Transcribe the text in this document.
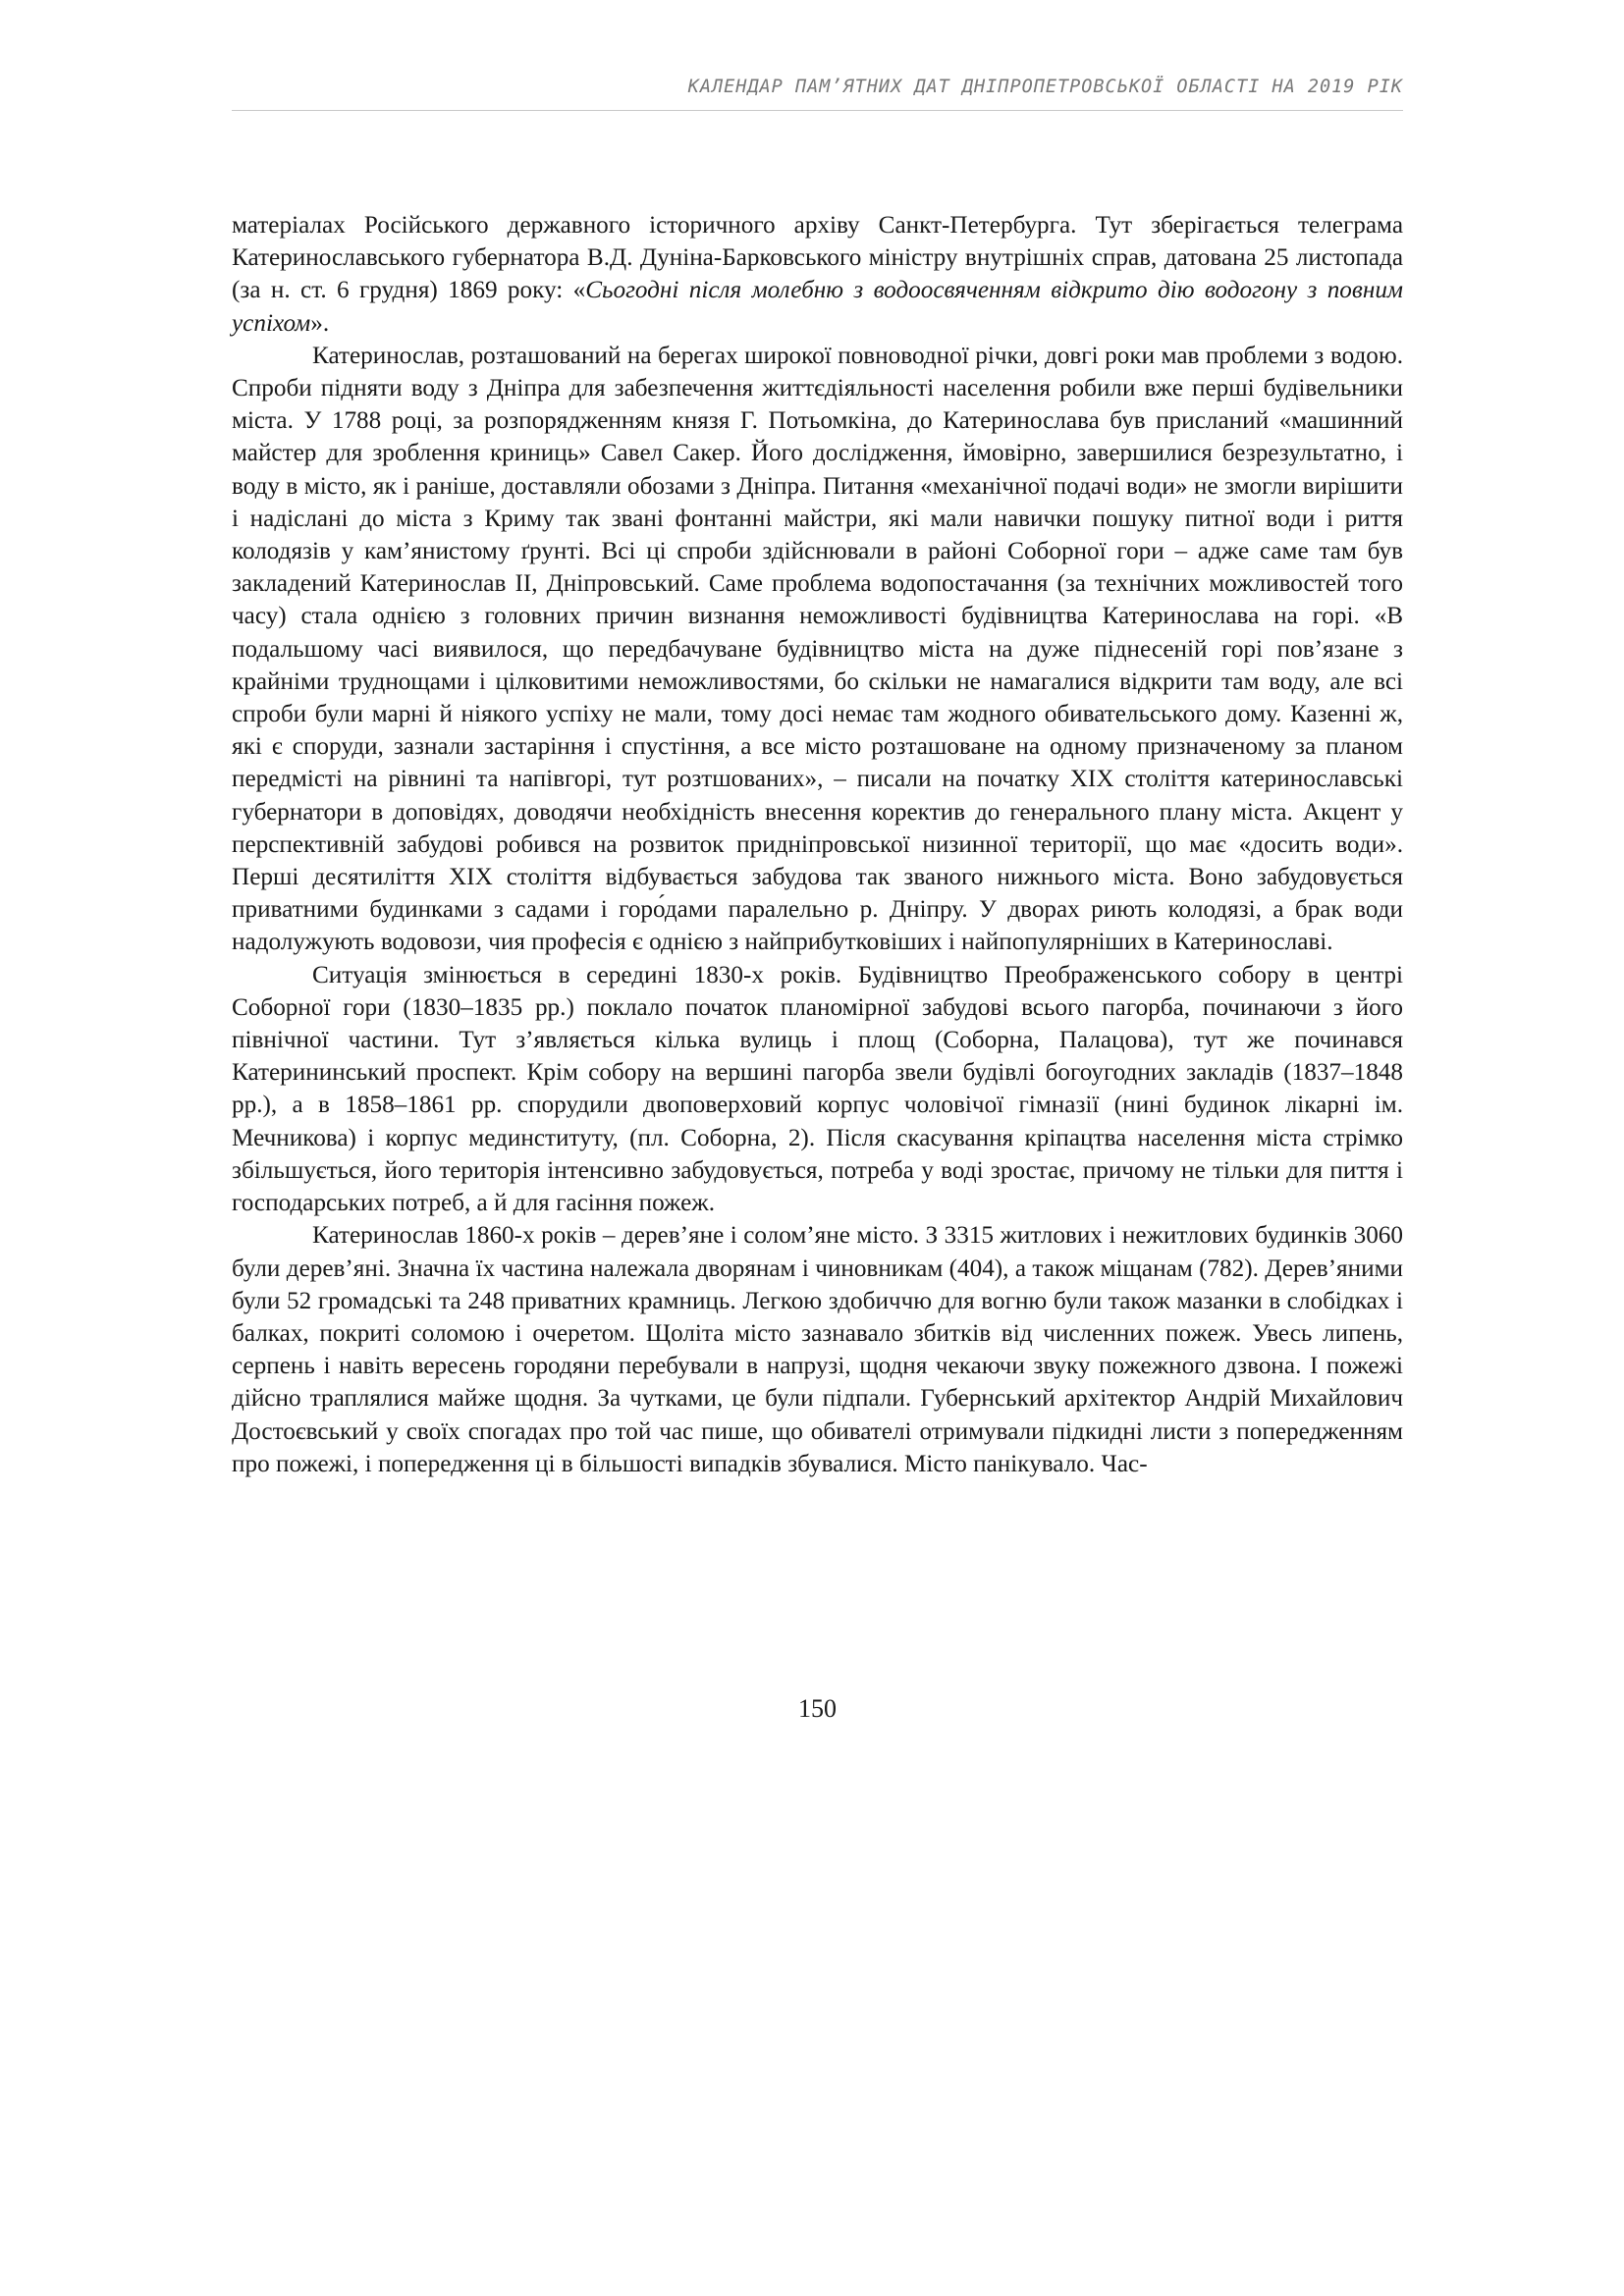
КАЛЕНДАР ПАМ’ЯТНИХ ДАТ ДНІПРОПЕТРОВСЬКОЇ ОБЛАСТІ НА 2019 РІК

матеріалах Російського державного історичного архіву Санкт-Петербурга. Тут зберігається телеграма Катеринославського губернатора В.Д. Дуніна-Барковського міністру внутрішніх справ, датована 25 листопада (за н. ст. 6 грудня) 1869 року: «Сьогодні після молебню з водоосвяченням відкрито дію водогону з повним успіхом».

Катеринослав, розташований на берегах широкої повноводної річки, довгі роки мав проблеми з водою. Спроби підняти воду з Дніпра для забезпечення життєдіяльності населення робили вже перші будівельники міста. У 1788 році, за розпорядженням князя Г. Потьомкіна, до Катеринослава був присланий «машинний майстер для зроблення криниць» Савел Сакер. Його дослідження, ймовірно, завершилися безрезультатно, і воду в місто, як і раніше, доставляли обозами з Дніпра. Питання «механічної подачі води» не змогли вирішити і надіслані до міста з Криму так звані фонтанні майстри, які мали навички пошуку питної води і риття колодязів у кам’янистому ґрунті. Всі ці спроби здійснювали в районі Соборної гори – адже саме там був закладений Катеринослав II, Дніпровський. Саме проблема водопостачання (за технічних можливостей того часу) стала однією з головних причин визнання неможливості будівництва Катеринослава на горі. «В подальшому часі виявилося, що передбачуване будівництво міста на дуже піднесеній горі пов’язане з крайніми труднощами і цілковитими неможливостями, бо скільки не намагалися відкрити там воду, але всі спроби були марні й ніякого успіху не мали, тому досі немає там жодного обивательського дому. Казенні ж, які є споруди, зазнали застаріння і спустіння, а все місто розташоване на одному призначеному за планом передмісті на рівнині та напівгорі, тут розтшованих», – писали на початку XIX століття катеринославські губернатори в доповідях, доводячи необхідність внесення коректив до генерального плану міста. Акцент у перспективній забудові робився на розвиток придніпровської низинної території, що має «досить води». Перші десятиліття XIX століття відбувається забудова так званого нижнього міста. Воно забудовується приватними будинками з садами і горо́дами паралельно р. Дніпру. У дворах риють колодязі, а брак води надолужують водовози, чия професія є однією з найприбутковіших і найпопулярніших в Катеринославі.

Ситуація змінюється в середині 1830-х років. Будівництво Преображенського собору в центрі Соборної гори (1830–1835 рр.) поклало початок планомірної забудові всього пагорба, починаючи з його північної частини. Тут з’являється кілька вулиць і площ (Соборна, Палацова), тут же починався Катерининський проспект. Крім собору на вершині пагорба звели будівлі богоугодних закладів (1837–1848 рр.), а в 1858–1861 рр. спорудили двоповерховий корпус чоловічої гімназії (нині будинок лікарні ім. Мечникова) і корпус мединституту, (пл. Соборна, 2). Після скасування кріпацтва населення міста стрімко збільшується, його територія інтенсивно забудовується, потреба у воді зростає, причому не тільки для пиття і господарських потреб, а й для гасіння пожеж.

Катеринослав 1860-х років – дерев’яне і солом’яне місто. З 3315 житлових і нежитлових будинків 3060 були дерев’яні. Значна їх частина належала дворянам і чиновникам (404), а також міщанам (782). Дерев’яними були 52 громадські та 248 приватних крамниць. Легкою здобиччю для вогню були також мазанки в слобідках і балках, покриті соломою і очеретом. Щоліта місто зазнавало збитків від численних пожеж. Увесь липень, серпень і навіть вересень городяни перебували в напрузі, щодня чекаючи звуку пожежного дзвона. І пожежі дійсно траплялися майже щодня. За чутками, це були підпали. Губернський архітектор Андрій Михайлович Достоєвський у своїх спогадах про той час пише, що обивателі отримували підкидні листи з попередженням про пожежі, і попередження ці в більшості випадків збувалися. Місто панікувало. Час-

150
